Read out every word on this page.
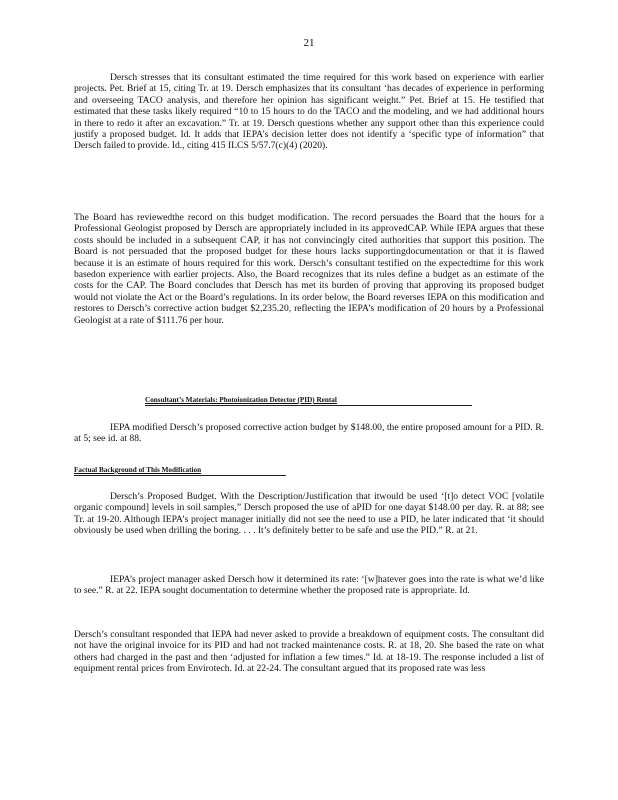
21

Dersch stresses that its consultant estimated the time required for this work based on experience with earlier projects. Pet. Brief at 15, citing Tr. at 19. Dersch emphasizes that its consultant ‘has decades of experience in performing and overseeing TACO analysis, and therefore her opinion has significant weight.” Pet. Brief at 15. He testified that estimated that these tasks likely required “10 to 15 hours to do the TACO and the modeling, and we had additional hours in there to redo it after an excavation.” Tr. at 19. Dersch questions whether any support other than this experience could justify a proposed budget. Id. It adds that IEPA’s decision letter does not identify a ‘specific type of information” that Dersch failed to provide. Id., citing 415 ILCS 5/57.7(c)(4) (2020).

The Board has reviewedthe record on this budget modification. The record persuades the Board that the hours for a Professional Geologist proposed by Dersch are appropriately included in its approvedCAP. While IEPA argues that these costs should be included in a subsequent CAP, it has not convincingly cited authorities that support this position. The Board is not persuaded that the proposed budget for these hours lacks supportingdocumentation or that it is flawed because it is an estimate of hours required for this work. Dersch’s consultant testified on the expectedtime for this work basedon experience with earlier projects. Also, the Board recognizes that its rules define a budget as an estimate of the costs for the CAP. The Board concludes that Dersch has met its burden of proving that approving its proposed budget would not violate the Act or the Board’s regulations. In its order below, the Board reverses IEPA on this modification and restores to Dersch’s corrective action budget $2,235.20, reflecting the IEPA’s modification of 20 hours by a Professional Geologist at a rate of $111.76 per hour.

Consultant’s Materials: Photoionization Detector (PID) Rental

IEPA modified Dersch’s proposed corrective action budget by $148.00, the entire proposed amount for a PID. R. at 5; see id. at 88.

Factual Background of This Modification

Dersch’s Proposed Budget. With the Description/Justification that itwould be used ‘[t]o detect VOC [volatile organic compound] levels in soil samples,” Dersch proposed the use of aPID for one dayat $148.00 per day. R. at 88; see Tr. at 19-20. Although IEPA’s project manager initially did not see the need to use a PID, he later indicated that ‘it should obviously be used when drilling the boring. . . . It’s definitely better to be safe and use the PID.” R. at 21.

IEPA’s project manager asked Dersch how it determined its rate: ‘[w]hatever goes into the rate is what we’d like to see.” R. at 22. IEPA sought documentation to determine whether the proposed rate is appropriate. Id.

Dersch’s consultant responded that IEPA had never asked to provide a breakdown of equipment costs. The consultant did not have the original invoice for its PID and had not tracked maintenance costs. R. at 18, 20. She based the rate on what others had charged in the past and then ‘adjusted for inflation a few times.” Id. at 18-19. The response included a list of equipment rental prices from Envirotech. Id. at 22-24. The consultant argued that its proposed rate was less
